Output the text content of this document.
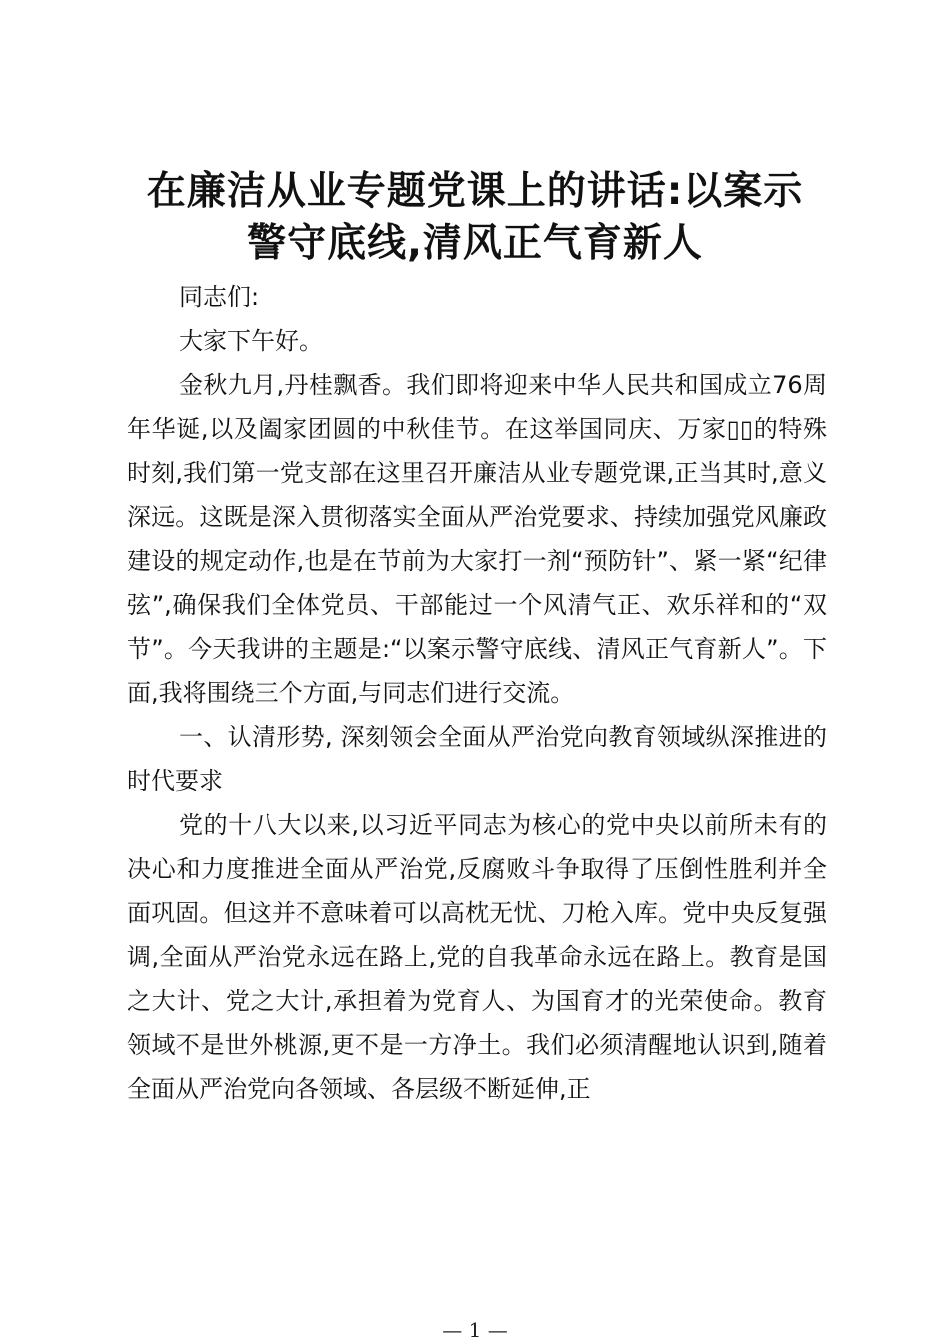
在廉洁从业专题党课上的讲话:以案示
警守底线,清风正气育新人

同志们:

大家下午好。

金秋九月,丹桂飘香。我们即将迎来中华人民共和国成立76周年华诞,以及阖家团圆的中秋佳节。在这举国同庆、万家▯▯的特殊时刻,我们第一党支部在这里召开廉洁从业专题党课,正当其时,意义深远。这既是深入贯彻落实全面从严治党要求、持续加强党风廉政建设的规定动作,也是在节前为大家打一剂“预防针”、紧一紧“纪律弦”,确保我们全体党员、干部能过一个风清气正、欢乐祥和的“双节”。今天我讲的主题是:“以案示警守底线、清风正气育新人”。下面,我将围绕三个方面,与同志们进行交流。

一、认清形势, 深刻领会全面从严治党向教育领域纵深推进的时代要求

党的十八大以来,以习近平同志为核心的党中央以前所未有的决心和力度推进全面从严治党,反腐败斗争取得了压倒性胜利并全面巩固。但这并不意味着可以高枕无忧、刀枪入库。党中央反复强调,全面从严治党永远在路上,党的自我革命永远在路上。教育是国之大计、党之大计,承担着为党育人、为国育才的光荣使命。教育领域不是世外桃源,更不是一方净土。我们必须清醒地认识到,随着全面从严治党向各领域、各层级不断延伸,正

— 1 —
